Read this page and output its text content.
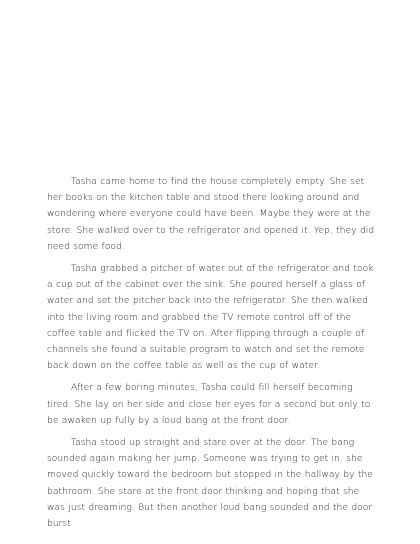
Tasha came home to find the house completely empty. She set her books on the kitchen table and stood there looking around and wondering where everyone could have been. Maybe they were at the store. She walked over to the refrigerator and opened it. Yep, they did need some food.

Tasha grabbed a pitcher of water out of the refrigerator and took a cup out of the cabinet over the sink. She poured herself a glass of water and set the pitcher back into the refrigerator. She then walked into the living room and grabbed the TV remote control off of the coffee table and flicked the TV on. After flipping through a couple of channels she found a suitable program to watch and set the remote back down on the coffee table as well as the cup of water.

After a few boring minutes, Tasha could fill herself becoming tired. She lay on her side and close her eyes for a second but only to be awaken up fully by a loud bang at the front door.

Tasha stood up straight and stare over at the door. The bang sounded again making her jump. Someone was trying to get in. she moved quickly toward the bedroom but stopped in the hallway by the bathroom. She stare at the front door thinking and hoping that she was just dreaming. But then another loud bang sounded and the door burst
